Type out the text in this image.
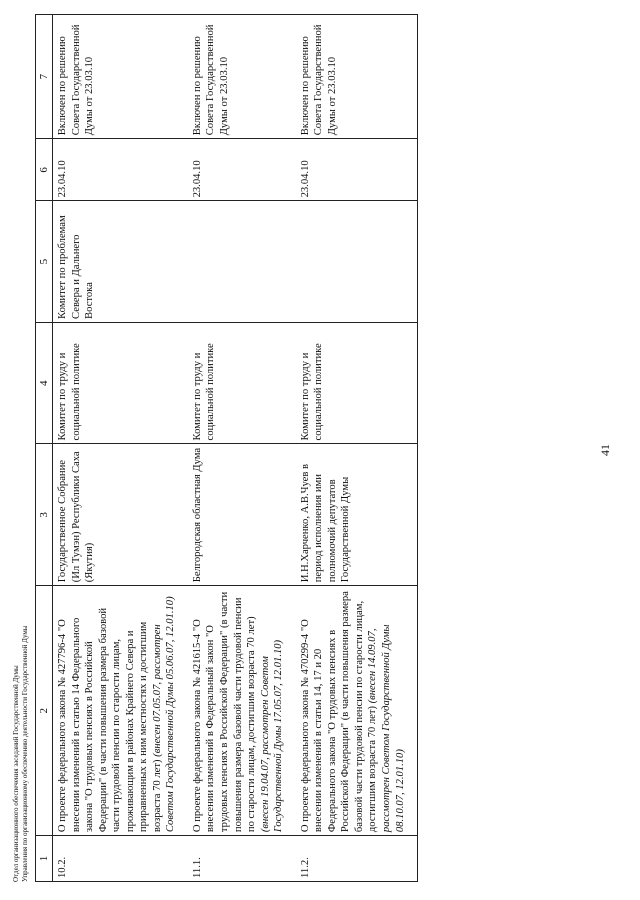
Отдел организационного обеспечения заседаний Государственной Думы Управления по организационному обеспечению деятельности Государственной Думы 1	2	3	4	5	6	7
10.2.	О проекте федерального закона № 427796-4 "О внесении изменений в статью 14 Федерального закона "О трудовых пенсиях в Российской Федерации" (в части повышения размера базовой части трудовой пенсии по старости лицам, проживающим в районах Крайнего Севера и приравненных к ним местностях и достигшим возраста 70 лет) (внесен 07.05.07, рассмотрен Советом Государственной Думы 05.06.07, 12.01.10)	Государственное Собрание (Ил Тумэн) Республики Саха (Якутия)	Комитет по труду и социальной политике	Комитет по проблемам Севера и Дальнего Востока	23.04.10	Включен по решению Совета Государственной Думы от 23.03.10
11.1.	О проекте федерального закона № 421615-4 "О внесении изменений в Федеральный закон "О трудовых пенсиях в Российской Федерации" (в части повышения размера базовой части трудовой пенсии по старости лицам, достигшим возраста 70 лет) (внесен 19.04.07, рассмотрен Советом Государственной Думы 17.05.07, 12.01.10)	Белгородская областная Дума	Комитет по труду и социальной политике		23.04.10	Включен по решению Совета Государственной Думы от 23.03.10
11.2.	О проекте федерального закона № 470299-4 "О внесении изменений в статьи 14, 17 и 20 Федерального закона "О трудовых пенсиях в Российской Федерации" (в части повышения размера базовой части трудовой пенсии по старости лицам, достигшим возраста 70 лет) (внесен 14.09.07, рассмотрен Советом Государственной Думы 08.10.07, 12.01.10)	И.Н.Харченко, А.В.Чуев в период исполнения ими полномочий депутатов Государственной Думы	Комитет по труду и социальной политике		23.04.10	Включен по решению Совета Государственной Думы от 23.03.10
41
